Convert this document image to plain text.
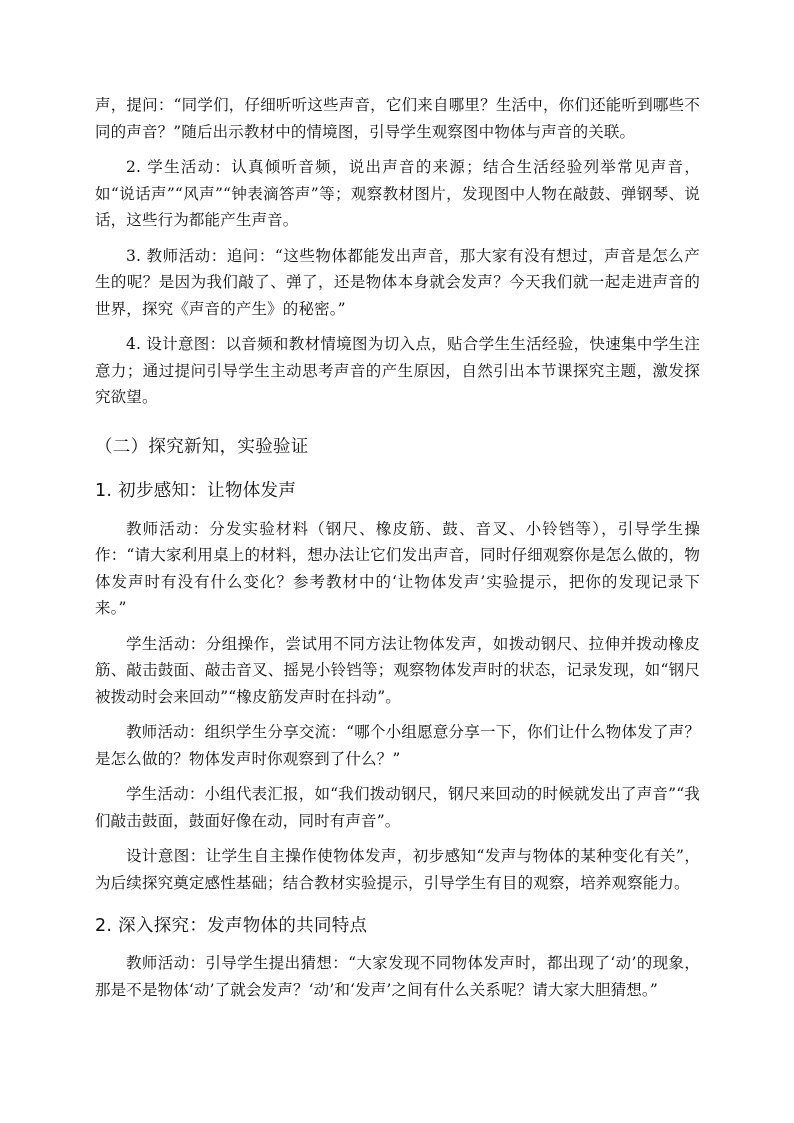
声，提问：“同学们，仔细听听这些声音，它们来自哪里？生活中，你们还能听到哪些不同的声音？”随后出示教材中的情境图，引导学生观察图中物体与声音的关联。

2. 学生活动：认真倾听音频，说出声音的来源；结合生活经验列举常见声音，如“说话声”“风声”“钟表滴答声”等；观察教材图片，发现图中人物在敲鼓、弹钢琴、说话，这些行为都能产生声音。

3. 教师活动：追问：“这些物体都能发出声音，那大家有没有想过，声音是怎么产生的呢？是因为我们敲了、弹了，还是物体本身就会发声？今天我们就一起走进声音的世界，探究《声音的产生》的秘密。”

4. 设计意图：以音频和教材情境图为切入点，贴合学生生活经验，快速集中学生注意力；通过提问引导学生主动思考声音的产生原因，自然引出本节课探究主题，激发探究欲望。

（二）探究新知，实验验证
1. 初步感知：让物体发声

教师活动：分发实验材料（钢尺、橡皮筋、鼓、音叉、小铃铛等），引导学生操作：“请大家利用桌上的材料，想办法让它们发出声音，同时仔细观察你是怎么做的，物体发声时有没有什么变化？参考教材中的‘让物体发声’实验提示，把你的发现记录下来。”

学生活动：分组操作，尝试用不同方法让物体发声，如拨动钢尺、拉伸并拨动橡皮筋、敲击鼓面、敲击音叉、摇晃小铃铛等；观察物体发声时的状态，记录发现，如“钢尺被拨动时会来回动”“橡皮筋发声时在抖动”。

教师活动：组织学生分享交流：“哪个小组愿意分享一下，你们让什么物体发了声？是怎么做的？物体发声时你观察到了什么？”

学生活动：小组代表汇报，如“我们拨动钢尺，钢尺来回动的时候就发出了声音”“我们敲击鼓面，鼓面好像在动，同时有声音”。

设计意图：让学生自主操作使物体发声，初步感知“发声与物体的某种变化有关”，为后续探究奠定感性基础；结合教材实验提示，引导学生有目的观察，培养观察能力。

2. 深入探究：发声物体的共同特点

教师活动：引导学生提出猜想：“大家发现不同物体发声时，都出现了‘动’的现象，那是不是物体‘动’了就会发声？‘动’和‘发声’之间有什么关系呢？请大家大胆猜想。”
